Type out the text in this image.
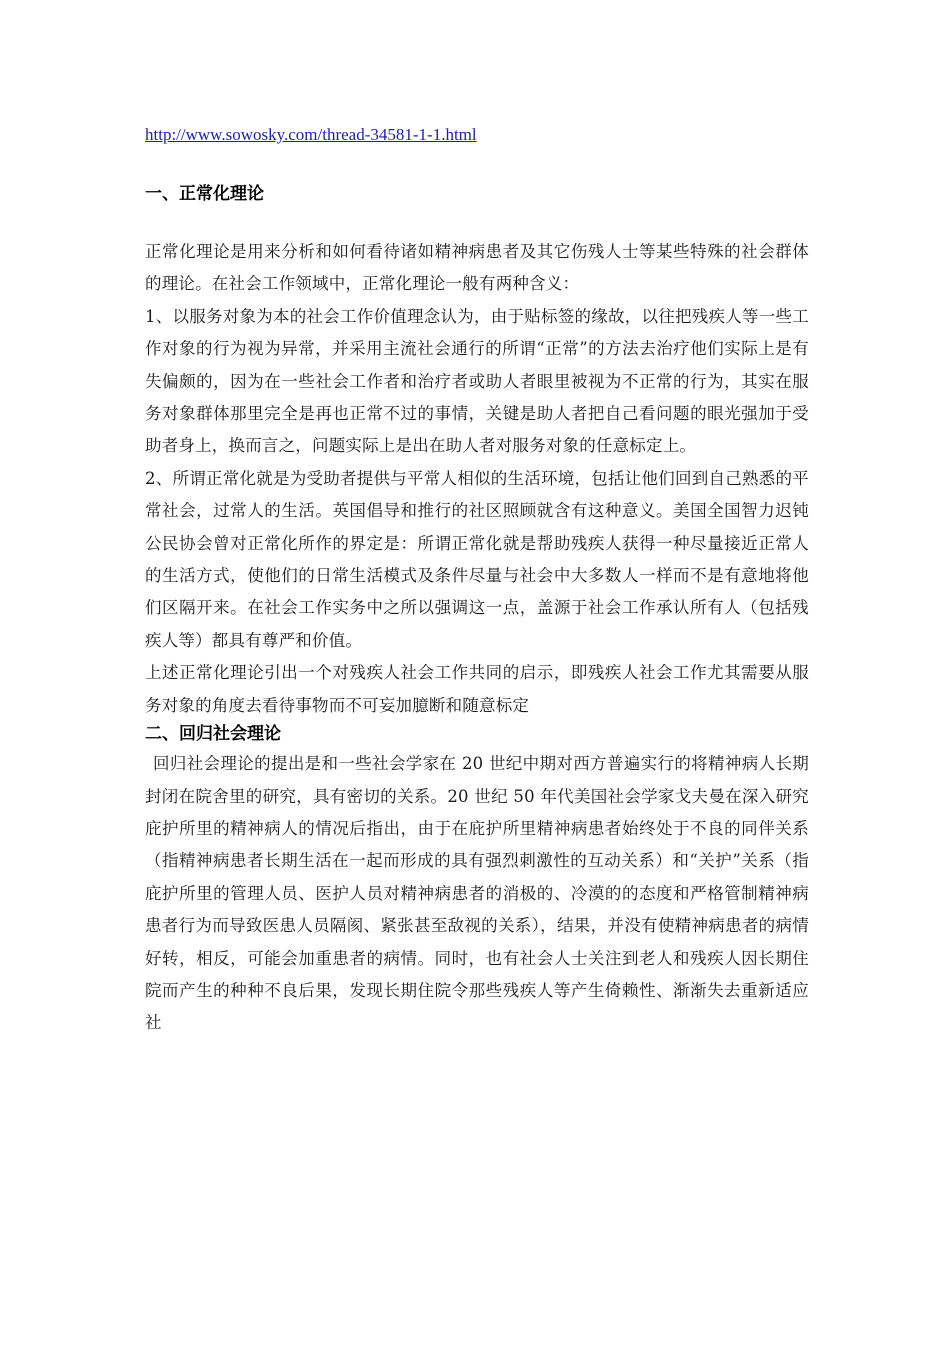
http://www.sowosky.com/thread-34581-1-1.html
一、正常化理论

正常化理论是用来分析和如何看待诸如精神病患者及其它伤残人士等某些特殊的社会群体的理论。在社会工作领域中，正常化理论一般有两种含义：

1、以服务对象为本的社会工作价值理念认为，由于贴标签的缘故，以往把残疾人等一些工作对象的行为视为异常，并采用主流社会通行的所谓“正常”的方法去治疗他们实际上是有失偏颇的，因为在一些社会工作者和治疗者或助人者眼里被视为不正常的行为，其实在服务对象群体那里完全是再也正常不过的事情，关键是助人者把自己看问题的眼光强加于受助者身上，换而言之，问题实际上是出在助人者对服务对象的任意标定上。

2、所谓正常化就是为受助者提供与平常人相似的生活环境，包括让他们回到自己熟悉的平常社会，过常人的生活。英国倡导和推行的社区照顾就含有这种意义。美国全国智力迟钝公民协会曾对正常化所作的界定是：所谓正常化就是帮助残疾人获得一种尽量接近正常人的生活方式，使他们的日常生活模式及条件尽量与社会中大多数人一样而不是有意地将他们区隔开来。在社会工作实务中之所以强调这一点，盖源于社会工作承认所有人（包括残疾人等）都具有尊严和价值。

上述正常化理论引出一个对残疾人社会工作共同的启示，即残疾人社会工作尤其需要从服务对象的角度去看待事物而不可妄加臆断和随意标定

二、回归社会理论

回归社会理论的提出是和一些社会学家在 20 世纪中期对西方普遍实行的将精神病人长期封闭在院舍里的研究，具有密切的关系。20 世纪 50 年代美国社会学家戈夫曼在深入研究庇护所里的精神病人的情况后指出，由于在庇护所里精神病患者始终处于不良的同伴关系（指精神病患者长期生活在一起而形成的具有强烈刺激性的互动关系）和“关护”关系（指庇护所里的管理人员、医护人员对精神病患者的消极的、冷漠的的态度和严格管制精神病患者行为而导致医患人员隔阂、紧张甚至敌视的关系），结果，并没有使精神病患者的病情好转，相反，可能会加重患者的病情。同时，也有社会人士关注到老人和残疾人因长期住院而产生的种种不良后果，发现长期住院令那些残疾人等产生倚赖性、渐渐失去重新适应社
